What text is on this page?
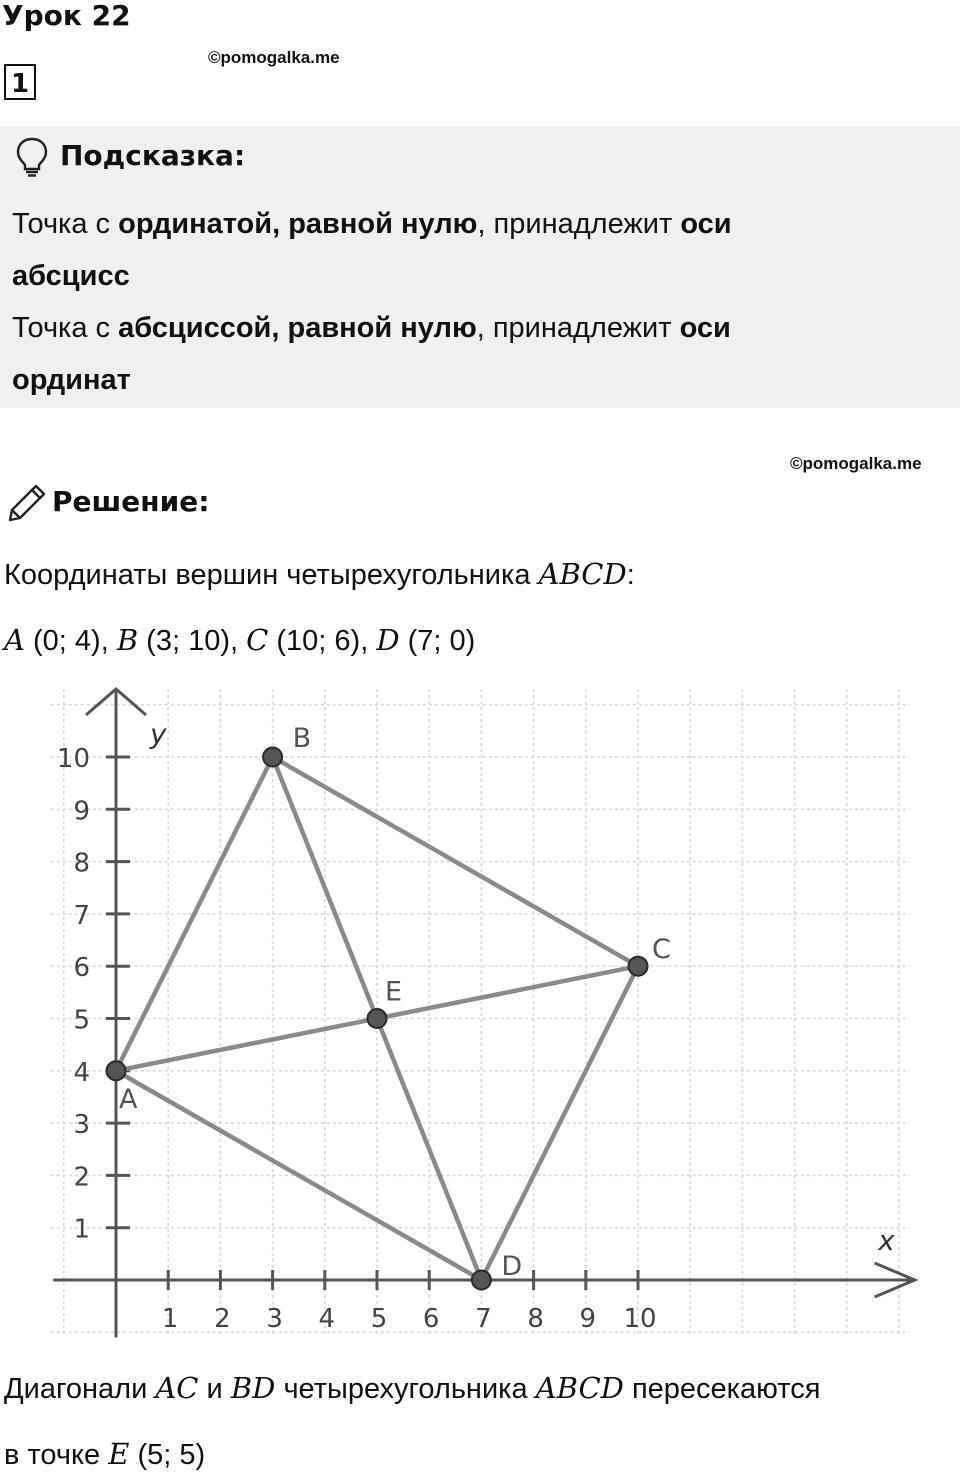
Урок 22
1
©pomogalka.me
Подсказка:
Точка с ординатой, равной нулю, принадлежит оси
абсцисс
Точка с абсциссой, равной нулю, принадлежит оси
ординат
©pomogalka.me
Решение:
Координаты вершин четырехугольника ABCD:
A (0; 4), B (3; 10), C (10; 6), D (7; 0)
1 2 3 4 5 6 7 8 9 10
1
2
3
4
5
6
7
8
9
10
x
y
A
B
C
D
E
Диагонали AC и BD четырехугольника ABCD пересекаются
в точке E (5; 5)
